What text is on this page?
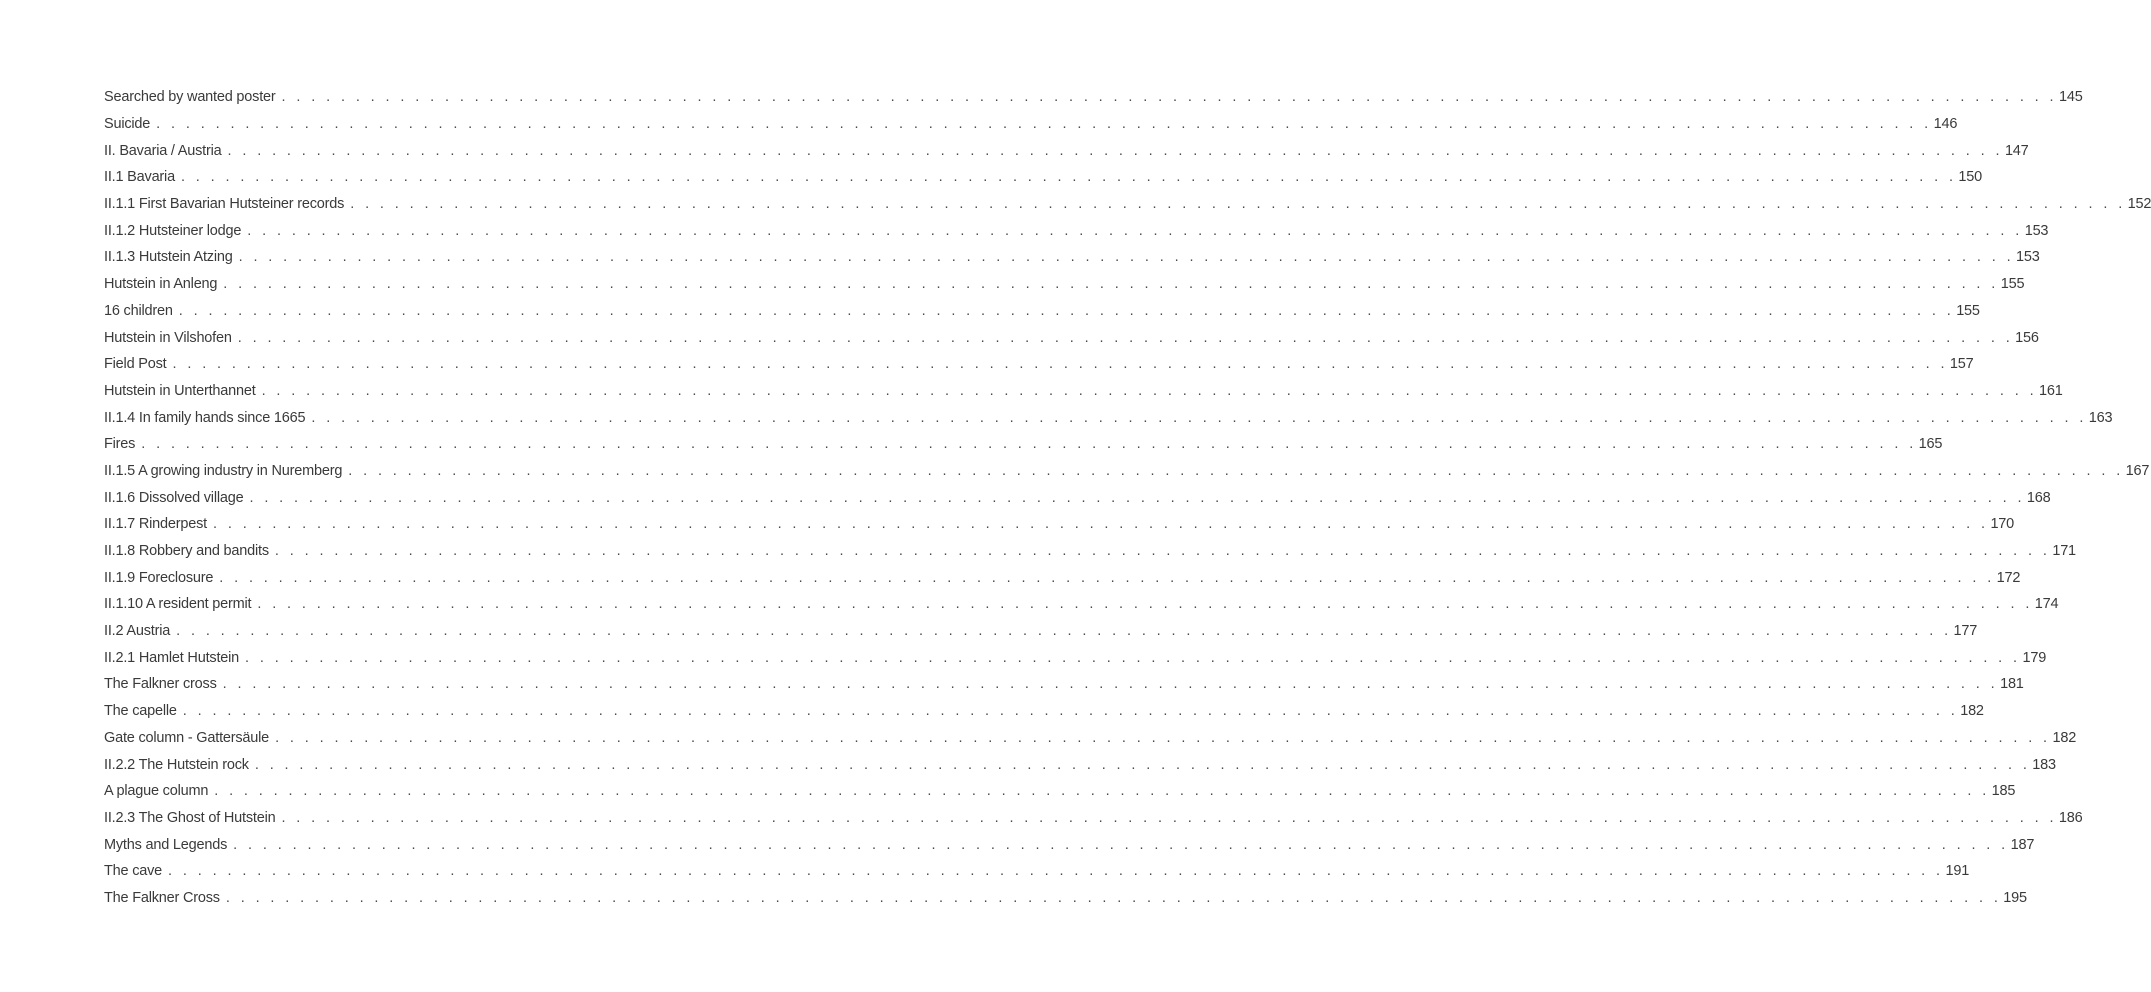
Searched by wanted poster . . . . . . . . . . . . . . . . . . . . . . . . . . . . . . . . . . . . . . . . . . . . . . . . . . . . . . . . . . . . . . . . . . . . . . . . . . . . . . . . . . . . . . . . . . . . . . . . . . . . . . . . . . . . . . . . . . . . . . . . 145
Suicide . . . . . . . . . . . . . . . . . . . . . . . . . . . . . . . . . . . . . . . . . . . . . . . . . . . . . . . . . . . . . . . . . . . . . . . . . . . . . . . . . . . . . . . . . . . . . . . . . . . . . . . . . . . . . . . . . . . . . . . . 146
II. Bavaria / Austria . . . . . . . . . . . . . . . . . . . . . . . . . . . . . . . . . . . . . . . . . . . . . . . . . . . . . . . . . . . . . . . . . . . . . . . . . . . . . . . . . . . . . . . . . . . . . . . . . . . . . . . . . . . . . . . . . . . . . . . . 147
II.1 Bavaria . . . . . . . . . . . . . . . . . . . . . . . . . . . . . . . . . . . . . . . . . . . . . . . . . . . . . . . . . . . . . . . . . . . . . . . . . . . . . . . . . . . . . . . . . . . . . . . . . . . . . . . . . . . . . . . . . . . . . . . . 150
II.1.1 First Bavarian Hutsteiner records . . . . . . . . . . . . . . . . . . . . . . . . . . . . . . . . . . . . . . . . . . . . . . . . . . . . . . . . . . . . . . . . . . . . . . . . . . . . . . . . . . . . . . . . . . . . . . . . . . . . . . . . . . . . . . . . . . . . . . . . 152
II.1.2 Hutsteiner lodge . . . . . . . . . . . . . . . . . . . . . . . . . . . . . . . . . . . . . . . . . . . . . . . . . . . . . . . . . . . . . . . . . . . . . . . . . . . . . . . . . . . . . . . . . . . . . . . . . . . . . . . . . . . . . . . . . . . . . . . . 153
II.1.3 Hutstein Atzing . . . . . . . . . . . . . . . . . . . . . . . . . . . . . . . . . . . . . . . . . . . . . . . . . . . . . . . . . . . . . . . . . . . . . . . . . . . . . . . . . . . . . . . . . . . . . . . . . . . . . . . . . . . . . . . . . . . . . . . . 153
Hutstein in Anleng . . . . . . . . . . . . . . . . . . . . . . . . . . . . . . . . . . . . . . . . . . . . . . . . . . . . . . . . . . . . . . . . . . . . . . . . . . . . . . . . . . . . . . . . . . . . . . . . . . . . . . . . . . . . . . . . . . . . . . . . 155
16 children . . . . . . . . . . . . . . . . . . . . . . . . . . . . . . . . . . . . . . . . . . . . . . . . . . . . . . . . . . . . . . . . . . . . . . . . . . . . . . . . . . . . . . . . . . . . . . . . . . . . . . . . . . . . . . . . . . . . . . . . 155
Hutstein in Vilshofen . . . . . . . . . . . . . . . . . . . . . . . . . . . . . . . . . . . . . . . . . . . . . . . . . . . . . . . . . . . . . . . . . . . . . . . . . . . . . . . . . . . . . . . . . . . . . . . . . . . . . . . . . . . . . . . . . . . . . . . . 156
Field Post . . . . . . . . . . . . . . . . . . . . . . . . . . . . . . . . . . . . . . . . . . . . . . . . . . . . . . . . . . . . . . . . . . . . . . . . . . . . . . . . . . . . . . . . . . . . . . . . . . . . . . . . . . . . . . . . . . . . . . . . 157
Hutstein in Unterthannet . . . . . . . . . . . . . . . . . . . . . . . . . . . . . . . . . . . . . . . . . . . . . . . . . . . . . . . . . . . . . . . . . . . . . . . . . . . . . . . . . . . . . . . . . . . . . . . . . . . . . . . . . . . . . . . . . . . . . . . . 161
II.1.4 In family hands since 1665 . . . . . . . . . . . . . . . . . . . . . . . . . . . . . . . . . . . . . . . . . . . . . . . . . . . . . . . . . . . . . . . . . . . . . . . . . . . . . . . . . . . . . . . . . . . . . . . . . . . . . . . . . . . . . . . . . . . . . . . . 163
Fires . . . . . . . . . . . . . . . . . . . . . . . . . . . . . . . . . . . . . . . . . . . . . . . . . . . . . . . . . . . . . . . . . . . . . . . . . . . . . . . . . . . . . . . . . . . . . . . . . . . . . . . . . . . . . . . . . . . . . . . . 165
II.1.5 A growing industry in Nuremberg . . . . . . . . . . . . . . . . . . . . . . . . . . . . . . . . . . . . . . . . . . . . . . . . . . . . . . . . . . . . . . . . . . . . . . . . . . . . . . . . . . . . . . . . . . . . . . . . . . . . . . . . . . . . . . . . . . . . . . . . 167
II.1.6 Dissolved village . . . . . . . . . . . . . . . . . . . . . . . . . . . . . . . . . . . . . . . . . . . . . . . . . . . . . . . . . . . . . . . . . . . . . . . . . . . . . . . . . . . . . . . . . . . . . . . . . . . . . . . . . . . . . . . . . . . . . . . . 168
II.1.7 Rinderpest . . . . . . . . . . . . . . . . . . . . . . . . . . . . . . . . . . . . . . . . . . . . . . . . . . . . . . . . . . . . . . . . . . . . . . . . . . . . . . . . . . . . . . . . . . . . . . . . . . . . . . . . . . . . . . . . . . . . . . . . 170
II.1.8 Robbery and bandits . . . . . . . . . . . . . . . . . . . . . . . . . . . . . . . . . . . . . . . . . . . . . . . . . . . . . . . . . . . . . . . . . . . . . . . . . . . . . . . . . . . . . . . . . . . . . . . . . . . . . . . . . . . . . . . . . . . . . . . . 171
II.1.9 Foreclosure . . . . . . . . . . . . . . . . . . . . . . . . . . . . . . . . . . . . . . . . . . . . . . . . . . . . . . . . . . . . . . . . . . . . . . . . . . . . . . . . . . . . . . . . . . . . . . . . . . . . . . . . . . . . . . . . . . . . . . . . 172
II.1.10 A resident permit . . . . . . . . . . . . . . . . . . . . . . . . . . . . . . . . . . . . . . . . . . . . . . . . . . . . . . . . . . . . . . . . . . . . . . . . . . . . . . . . . . . . . . . . . . . . . . . . . . . . . . . . . . . . . . . . . . . . . . . . 174
II.2 Austria . . . . . . . . . . . . . . . . . . . . . . . . . . . . . . . . . . . . . . . . . . . . . . . . . . . . . . . . . . . . . . . . . . . . . . . . . . . . . . . . . . . . . . . . . . . . . . . . . . . . . . . . . . . . . . . . . . . . . . . . 177
II.2.1 Hamlet Hutstein . . . . . . . . . . . . . . . . . . . . . . . . . . . . . . . . . . . . . . . . . . . . . . . . . . . . . . . . . . . . . . . . . . . . . . . . . . . . . . . . . . . . . . . . . . . . . . . . . . . . . . . . . . . . . . . . . . . . . . . . 179
The Falkner cross . . . . . . . . . . . . . . . . . . . . . . . . . . . . . . . . . . . . . . . . . . . . . . . . . . . . . . . . . . . . . . . . . . . . . . . . . . . . . . . . . . . . . . . . . . . . . . . . . . . . . . . . . . . . . . . . . . . . . . . . 181
The capelle . . . . . . . . . . . . . . . . . . . . . . . . . . . . . . . . . . . . . . . . . . . . . . . . . . . . . . . . . . . . . . . . . . . . . . . . . . . . . . . . . . . . . . . . . . . . . . . . . . . . . . . . . . . . . . . . . . . . . . . . 182
Gate column - Gattersäule . . . . . . . . . . . . . . . . . . . . . . . . . . . . . . . . . . . . . . . . . . . . . . . . . . . . . . . . . . . . . . . . . . . . . . . . . . . . . . . . . . . . . . . . . . . . . . . . . . . . . . . . . . . . . . . . . . . . . . . . 182
II.2.2 The Hutstein rock . . . . . . . . . . . . . . . . . . . . . . . . . . . . . . . . . . . . . . . . . . . . . . . . . . . . . . . . . . . . . . . . . . . . . . . . . . . . . . . . . . . . . . . . . . . . . . . . . . . . . . . . . . . . . . . . . . . . . . . . 183
A plague column . . . . . . . . . . . . . . . . . . . . . . . . . . . . . . . . . . . . . . . . . . . . . . . . . . . . . . . . . . . . . . . . . . . . . . . . . . . . . . . . . . . . . . . . . . . . . . . . . . . . . . . . . . . . . . . . . . . . . . . . 185
II.2.3 The Ghost of Hutstein . . . . . . . . . . . . . . . . . . . . . . . . . . . . . . . . . . . . . . . . . . . . . . . . . . . . . . . . . . . . . . . . . . . . . . . . . . . . . . . . . . . . . . . . . . . . . . . . . . . . . . . . . . . . . . . . . . . . . . . . 186
Myths and Legends . . . . . . . . . . . . . . . . . . . . . . . . . . . . . . . . . . . . . . . . . . . . . . . . . . . . . . . . . . . . . . . . . . . . . . . . . . . . . . . . . . . . . . . . . . . . . . . . . . . . . . . . . . . . . . . . . . . . . . . . 187
The cave . . . . . . . . . . . . . . . . . . . . . . . . . . . . . . . . . . . . . . . . . . . . . . . . . . . . . . . . . . . . . . . . . . . . . . . . . . . . . . . . . . . . . . . . . . . . . . . . . . . . . . . . . . . . . . . . . . . . . . . . 191
The Falkner Cross . . . . . . . . . . . . . . . . . . . . . . . . . . . . . . . . . . . . . . . . . . . . . . . . . . . . . . . . . . . . . . . . . . . . . . . . . . . . . . . . . . . . . . . . . . . . . . . . . . . . . . . . . . . . . . . . . . . . . . . . 195
